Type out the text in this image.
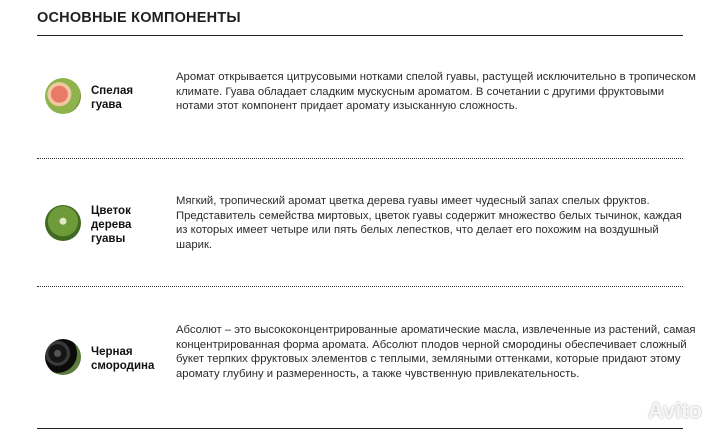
ОСНОВНЫЕ КОМПОНЕНТЫ
Спелая
гуава
Аромат открывается цитрусовыми нотками спелой гуавы, растущей исключительно в тропическом климате. Гуава обладает сладким мускусным ароматом. В сочетании с другими фруктовыми нотами этот компонент придает аромату изысканную сложность.
Цветок
дерева
гуавы
Мягкий, тропический аромат цветка дерева гуавы имеет чудесный запах спелых фруктов. Представитель семейства миртовых, цветок гуавы содержит множество белых тычинок, каждая из которых имеет четыре или пять белых лепестков, что делает его похожим на воздушный шарик.
Черная
смородина
Абсолют – это высококонцентрированные ароматические масла, извлеченные из растений, самая концентрированная форма аромата. Абсолют плодов черной смородины обеспечивает сложный букет терпких фруктовых элементов с теплыми, земляными оттенками, которые придают этому аромату глубину и размеренность, а также чувственную привлекательность.
Avito
